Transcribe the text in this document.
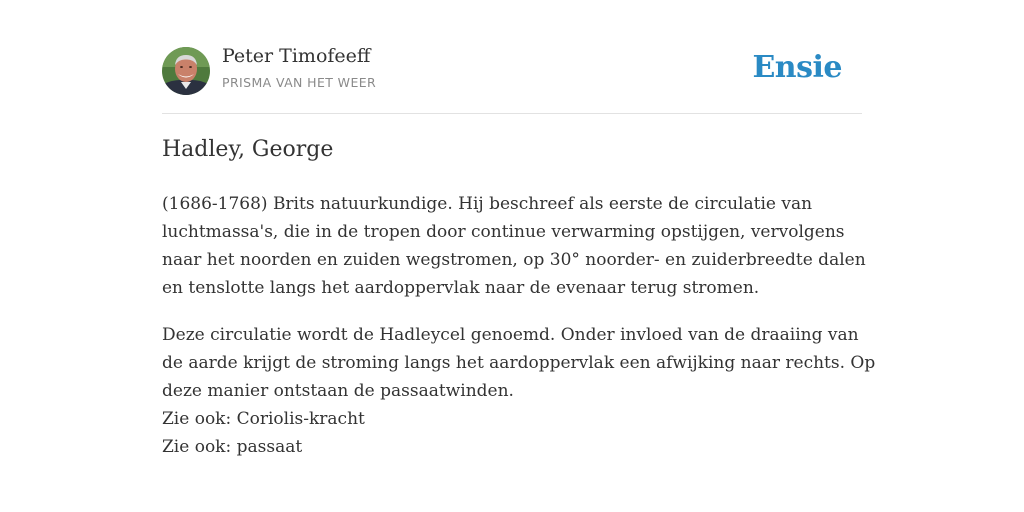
Peter Timofeeff
PRISMA VAN HET WEER	Ensie
Hadley, George

(1686-1768) Brits natuurkundige. Hij beschreef als eerste de circulatie van
luchtmassa's, die in de tropen door continue verwarming opstijgen, vervolgens
naar het noorden en zuiden wegstromen, op 30° noorder- en zuiderbreedte dalen
en tenslotte langs het aardoppervlak naar de evenaar terug stromen.

Deze circulatie wordt de Hadleycel genoemd. Onder invloed van de draaiing van
de aarde krijgt de stroming langs het aardoppervlak een afwijking naar rechts. Op
deze manier ontstaan de passaatwinden.
Zie ook: Coriolis-kracht
Zie ook: passaat
